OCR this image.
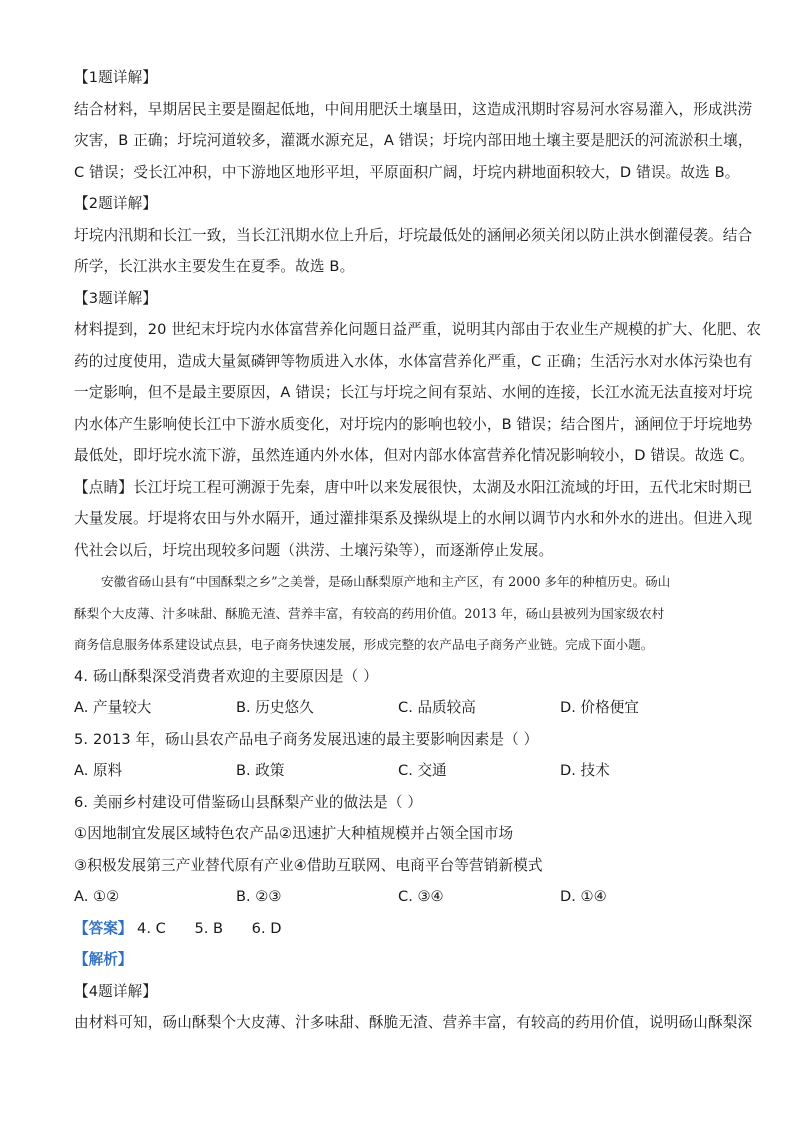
【1题详解】
结合材料，早期居民主要是圈起低地，中间用肥沃土壤垦田，这造成汛期时容易河水容易灌入，形成洪涝
灾害，B 正确；圩垸河道较多，灌溉水源充足，A 错误；圩垸内部田地土壤主要是肥沃的河流淤积土壤，
C 错误；受长江冲积，中下游地区地形平坦，平原面积广阔，圩垸内耕地面积较大，D 错误。故选 B。
【2题详解】
圩垸内汛期和长江一致，当长江汛期水位上升后，圩垸最低处的涵闸必须关闭以防止洪水倒灌侵袭。结合
所学，长江洪水主要发生在夏季。故选 B。
【3题详解】
材料提到，20 世纪末圩垸内水体富营养化问题日益严重，说明其内部由于农业生产规模的扩大、化肥、农
药的过度使用，造成大量氮磷钾等物质进入水体，水体富营养化严重，C 正确；生活污水对水体污染也有
一定影响，但不是最主要原因，A 错误；长江与圩垸之间有泵站、水闸的连接，长江水流无法直接对圩垸
内水体产生影响使长江中下游水质变化，对圩垸内的影响也较小，B 错误；结合图片，涵闸位于圩垸地势
最低处，即圩垸水流下游，虽然连通内外水体，但对内部水体富营养化情况影响较小，D 错误。故选 C。
【点睛】长江圩垸工程可溯源于先秦，唐中叶以来发展很快，太湖及水阳江流域的圩田，五代北宋时期已
大量发展。圩堤将农田与外水隔开，通过灌排渠系及操纵堤上的水闸以调节内水和外水的进出。但进入现
代社会以后，圩垸出现较多问题（洪涝、土壤污染等），而逐渐停止发展。
安徽省砀山县有“中国酥梨之乡”之美誉，是砀山酥梨原产地和主产区，有 2000 多年的种植历史。砀山
酥梨个大皮薄、汁多味甜、酥脆无渣、营养丰富，有较高的药用价值。2013 年，砀山县被列为国家级农村
商务信息服务体系建设试点县，电子商务快速发展，形成完整的农产品电子商务产业链。完成下面小题。
4. 砀山酥梨深受消费者欢迎的主要原因是（ ）
A. 产量较大	B. 历史悠久	C. 品质较高	D. 价格便宜
5. 2013 年，砀山县农产品电子商务发展迅速的最主要影响因素是（ ）
A. 原料	B. 政策	C. 交通	D. 技术
6. 美丽乡村建设可借鉴砀山县酥梨产业的做法是（ ）
①因地制宜发展区域特色农产品②迅速扩大种植规模并占领全国市场
③积极发展第三产业替代原有产业④借助互联网、电商平台等营销新模式
A. ①②	B. ②③	C. ③④	D. ①④
【答案】 4. C 5. B 6. D
【解析】
【4题详解】
由材料可知，砀山酥梨个大皮薄、汁多味甜、酥脆无渣、营养丰富，有较高的药用价值，说明砀山酥梨深
